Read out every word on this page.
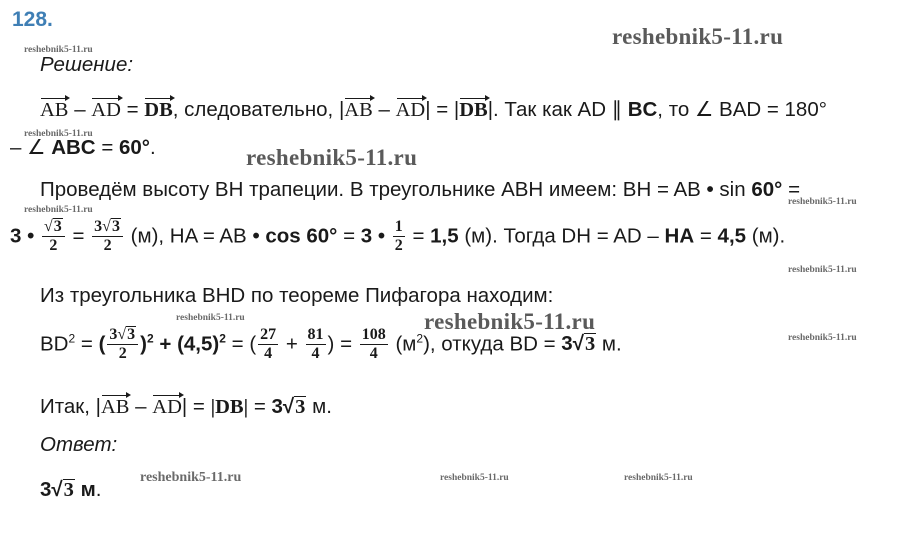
128.
reshebnik5-11.ru
reshebnik5-11.ru
reshebnik5-11.ru
reshebnik5-11.ru
reshebnik5-11.ru
reshebnik5-11.ru
reshebnik5-11.ru
reshebnik5-11.ru
reshebnik5-11.ru
reshebnik5-11.ru
reshebnik5-11.ru	reshebnik5-11.ru	reshebnik5-11.ru
Решение:
AB – AD = DB, следовательно, |AB – AD| = |DB|. Так как AD ∥ BC, то ∠ BAD = 180°
– ∠ ABC = 60°.
Проведём высоту BH трапеции. В треугольнике ABH имеем: BH = AB • sin 60° =
3 • $\frac{√3}{2} = \frac{3√3}{2} (м)$, HA = AB • cos 60° = 3 • $\frac{1}{2} = 1,5$ (м). Тогда DH = AD – HA = 4,5 (м).
Из треугольника BHD по теореме Пифагора находим:
$BD^2$ = ( $\frac{3√3}{2} )^2 + (4,5)^2$ = ( $\frac{27}{4} + \frac{81}{4}$ ) = $\frac{108}{4} (м^2)$, откуда BD = 3√3 м.
Итак, |AB – AD| = |DB| = 3√3 м.
Ответ:
3√3 м.
